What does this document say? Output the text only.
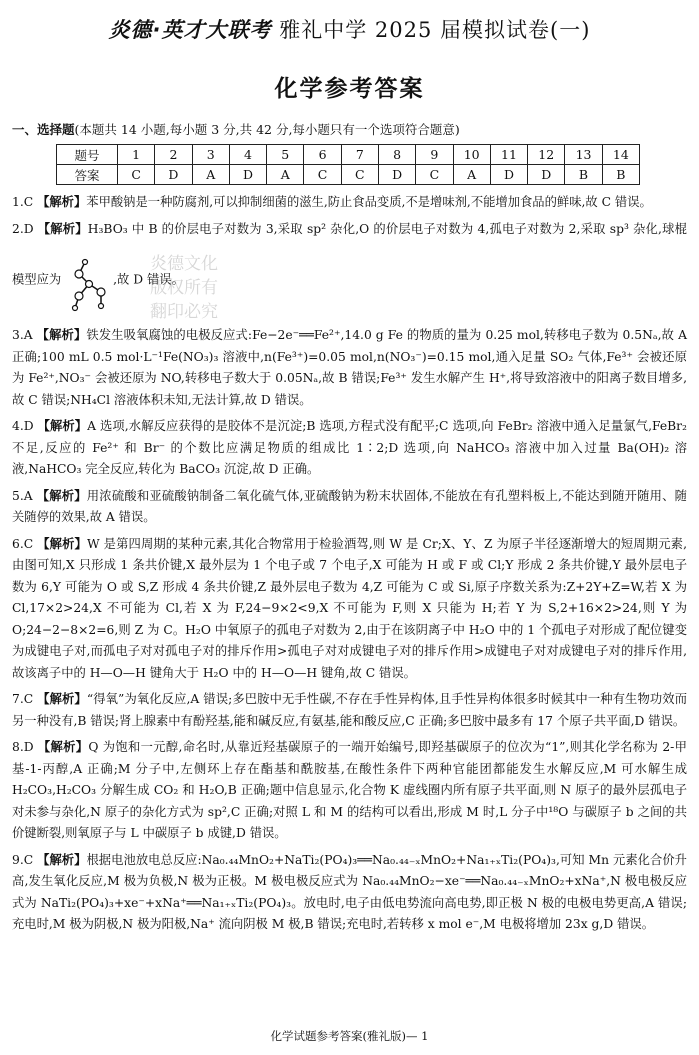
炎德·英才大联考 雅礼中学 2025 届模拟试卷(一)
化学参考答案
一、选择题(本题共 14 小题,每小题 3 分,共 42 分,每小题只有一个选项符合题意)
题号	1	2	3	4	5	6	7	8	9	10	11	12	13	14
答案	C	D	A	D	A	C	C	D	C	A	D	D	B	B
炎德文化
版权所有
翻印必究
1.C 【解析】苯甲酸钠是一种防腐剂,可以抑制细菌的滋生,防止食品变质,不是增味剂,不能增加食品的鲜味,故 C 错误。
2.D 【解析】H₃BO₃ 中 B 的价层电子对数为 3,采取 sp² 杂化,O 的价层电子对数为 4,孤电子对数为 2,采取 sp³ 杂化,球棍模型应为	,故 D 错误。
3.A 【解析】铁发生吸氧腐蚀的电极反应式:Fe−2e⁻══Fe²⁺,14.0 g Fe 的物质的量为 0.25 mol,转移电子数为 0.5Nₐ,故 A 正确;100 mL 0.5 mol·L⁻¹Fe(NO₃)₃ 溶液中,n(Fe³⁺)=0.05 mol,n(NO₃⁻)=0.15 mol,通入足量 SO₂ 气体,Fe³⁺ 会被还原为 Fe²⁺,NO₃⁻ 会被还原为 NO,转移电子数大于 0.05Nₐ,故 B 错误;Fe³⁺ 发生水解产生 H⁺,将导致溶液中的阳离子数目增多,故 C 错误;NH₄Cl 溶液体积未知,无法计算,故 D 错误。
4.D 【解析】A 选项,水解反应获得的是胶体不是沉淀;B 选项,方程式没有配平;C 选项,向 FeBr₂ 溶液中通入足量氯气,FeBr₂ 不足,反应的 Fe²⁺ 和 Br⁻ 的个数比应满足物质的组成比 1∶2;D 选项,向 NaHCO₃ 溶液中加入过量 Ba(OH)₂ 溶液,NaHCO₃ 完全反应,转化为 BaCO₃ 沉淀,故 D 正确。
5.A 【解析】用浓硫酸和亚硫酸钠制备二氧化硫气体,亚硫酸钠为粉末状固体,不能放在有孔塑料板上,不能达到随开随用、随关随停的效果,故 A 错误。
6.C 【解析】W 是第四周期的某种元素,其化合物常用于检验酒驾,则 W 是 Cr;X、Y、Z 为原子半径逐渐增大的短周期元素,由图可知,X 只形成 1 条共价键,X 最外层为 1 个电子或 7 个电子,X 可能为 H 或 F 或 Cl;Y 形成 2 条共价键,Y 最外层电子数为 6,Y 可能为 O 或 S,Z 形成 4 条共价键,Z 最外层电子数为 4,Z 可能为 C 或 Si,原子序数关系为:Z+2Y+Z=W,若 X 为 Cl,17×2>24,X 不可能为 Cl,若 X 为 F,24−9×2<9,X 不可能为 F,则 X 只能为 H;若 Y 为 S,2+16×2>24,则 Y 为 O;24−2−8×2=6,则 Z 为 C。H₂O 中氧原子的孤电子对数为 2,由于在该阴离子中 H₂O 中的 1 个孤电子对形成了配位键变为成键电子对,而孤电子对对孤电子对的排斥作用>孤电子对对成键电子对的排斥作用>成键电子对对成键电子对的排斥作用,故该离子中的 H—O—H 键角大于 H₂O 中的 H—O—H 键角,故 C 错误。
7.C 【解析】“得氧”为氧化反应,A 错误;多巴胺中无手性碳,不存在手性异构体,且手性异构体很多时候其中一种有生物功效而另一种没有,B 错误;肾上腺素中有酚羟基,能和碱反应,有氨基,能和酸反应,C 正确;多巴胺中最多有 17 个原子共平面,D 错误。
8.D 【解析】Q 为饱和一元醇,命名时,从靠近羟基碳原子的一端开始编号,即羟基碳原子的位次为“1”,则其化学名称为 2-甲基-1-丙醇,A 正确;M 分子中,左侧环上存在酯基和酰胺基,在酸性条件下两种官能团都能发生水解反应,M 可水解生成 H₂CO₃,H₂CO₃ 分解生成 CO₂ 和 H₂O,B 正确;题中信息显示,化合物 K 虚线圈内所有原子共平面,则 N 原子的最外层孤电子对未参与杂化,N 原子的杂化方式为 sp²,C 正确;对照 L 和 M 的结构可以看出,形成 M 时,L 分子中¹⁸O 与碳原子 b 之间的共价键断裂,则氧原子与 L 中碳原子 b 成键,D 错误。
9.C 【解析】根据电池放电总反应:Na₀.₄₄MnO₂+NaTi₂(PO₄)₃══Na₀.₄₄₋ₓMnO₂+Na₁₊ₓTi₂(PO₄)₃,可知 Mn 元素化合价升高,发生氧化反应,M 极为负极,N 极为正极。M 极电极反应式为 Na₀.₄₄MnO₂−xe⁻══Na₀.₄₄₋ₓMnO₂+xNa⁺,N 极电极反应式为 NaTi₂(PO₄)₃+xe⁻+xNa⁺══Na₁₊ₓTi₂(PO₄)₃。放电时,电子由低电势流向高电势,即正极 N 极的电极电势更高,A 错误;充电时,M 极为阴极,N 极为阳极,Na⁺ 流向阴极 M 极,B 错误;充电时,若转移 x mol e⁻,M 电极将增加 23x g,D 错误。
化学试题参考答案(雅礼版)— 1
